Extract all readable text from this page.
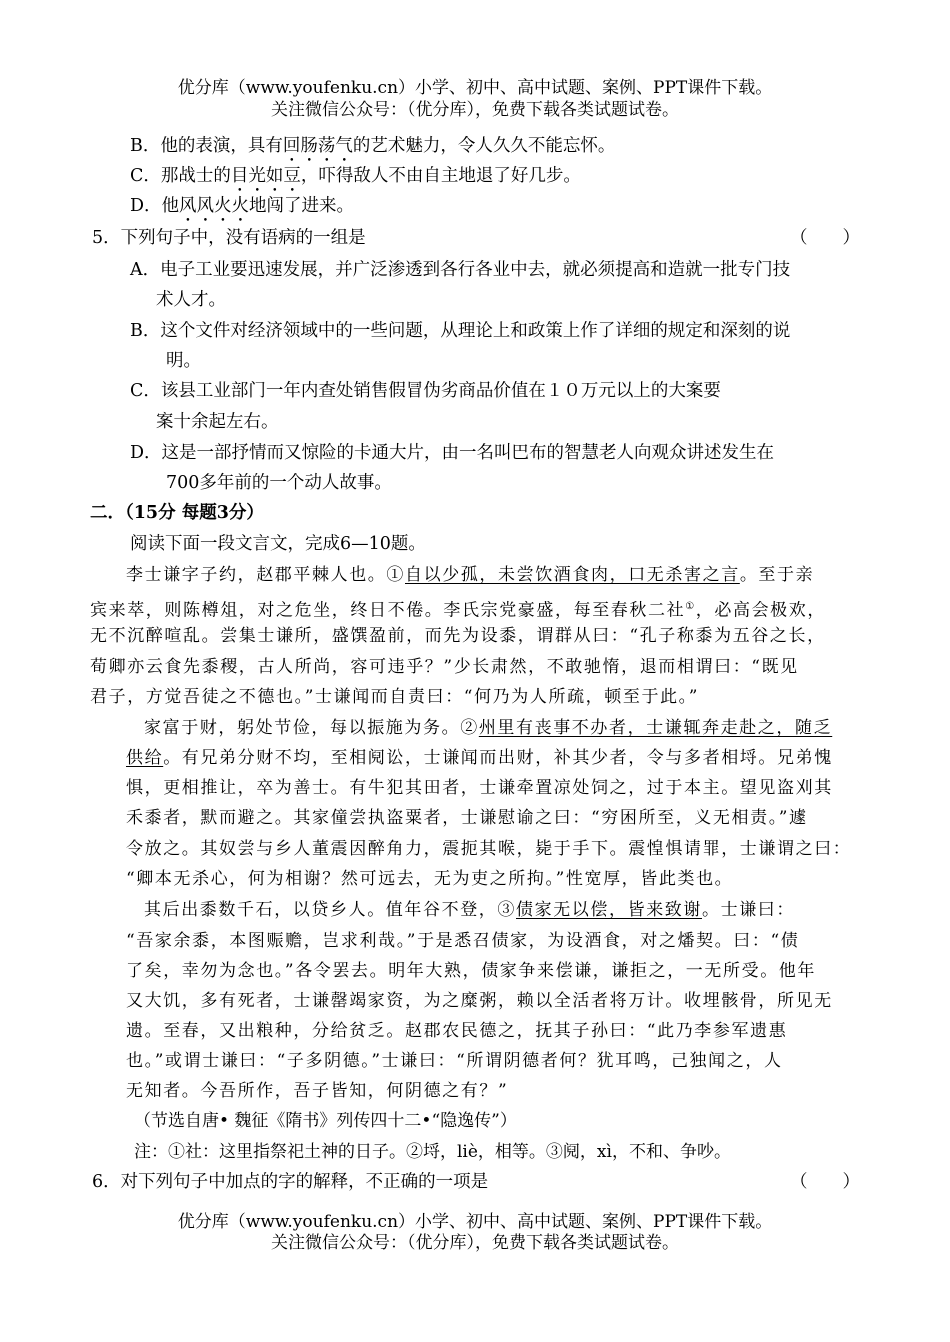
优分库（www.youfenku.cn）小学、初中、高中试题、案例、PPT课件下载。
关注微信公众号：（优分库），免费下载各类试题试卷。
B．他的表演，具有回肠荡气的艺术魅力，令人久久不能忘怀。
C．那战士的目光如豆，吓得敌人不由自主地退了好几步。
D．他风风火火地闯了进来。
5．下列句子中，没有语病的一组是	（　　）
A．电子工业要迅速发展，并广泛渗透到各行各业中去，就必须提高和造就一批专门技
术人才。
B．这个文件对经济领域中的一些问题，从理论上和政策上作了详细的规定和深刻的说
明。
C．该县工业部门一年内查处销售假冒伪劣商品价值在１０万元以上的大案要
案十余起左右。
D．这是一部抒情而又惊险的卡通大片，由一名叫巴布的智慧老人向观众讲述发生在
700多年前的一个动人故事。
二．（15分 每题3分）
阅读下面一段文言文，完成6—10题。
李士谦字子约，赵郡平棘人也。①自以少孤，未尝饮酒食肉，口无杀害之言。至于亲
宾来萃，则陈樽俎，对之危坐，终日不倦。李氏宗党豪盛，每至春秋二社①，必高会极欢，
无不沉醉喧乱。尝集士谦所，盛馔盈前，而先为设黍，谓群从曰：“孔子称黍为五谷之长，
荀卿亦云食先黍稷，古人所尚，容可违乎？”少长肃然，不敢驰惰，退而相谓曰：“既见
君子，方觉吾徒之不德也。”士谦闻而自责曰：“何乃为人所疏，顿至于此。”
家富于财，躬处节俭，每以振施为务。②州里有丧事不办者，士谦辄奔走赴之，随乏
供给。有兄弟分财不均，至相阋讼，士谦闻而出财，补其少者，令与多者相埒。兄弟愧
惧，更相推让，卒为善士。有牛犯其田者，士谦牵置凉处饲之，过于本主。望见盗刈其
禾黍者，默而避之。其家僮尝执盗粟者，士谦慰谕之曰：“穷困所至，义无相责。”遽
令放之。其奴尝与乡人董震因醉角力，震扼其喉，毙于手下。震惶惧请罪，士谦谓之曰：
“卿本无杀心，何为相谢？然可远去，无为吏之所拘。”性宽厚，皆此类也。
其后出黍数千石，以贷乡人。值年谷不登，③债家无以偿，皆来致谢。士谦曰：
“吾家余黍，本图赈赡，岂求利哉。”于是悉召债家，为设酒食，对之燔契。曰：“债
了矣，幸勿为念也。”各令罢去。明年大熟，债家争来偿谦，谦拒之，一无所受。他年
又大饥，多有死者，士谦罄竭家资，为之糜粥，赖以全活者将万计。收埋骸骨，所见无
遗。至春，又出粮种，分给贫乏。赵郡农民德之，抚其子孙曰：“此乃李参军遗惠
也。”或谓士谦曰：“子多阴德。”士谦曰：“所谓阴德者何？犹耳鸣，己独闻之，人
无知者。今吾所作，吾子皆知，何阴德之有？”
（节选自唐• 魏征《隋书》列传四十二•“隐逸传”）
注：①社：这里指祭祀土神的日子。②埒，liè，相等。③阋，xì，不和、争吵。
6．对下列句子中加点的字的解释，不正确的一项是	（　　）
优分库（www.youfenku.cn）小学、初中、高中试题、案例、PPT课件下载。
关注微信公众号：（优分库），免费下载各类试题试卷。
